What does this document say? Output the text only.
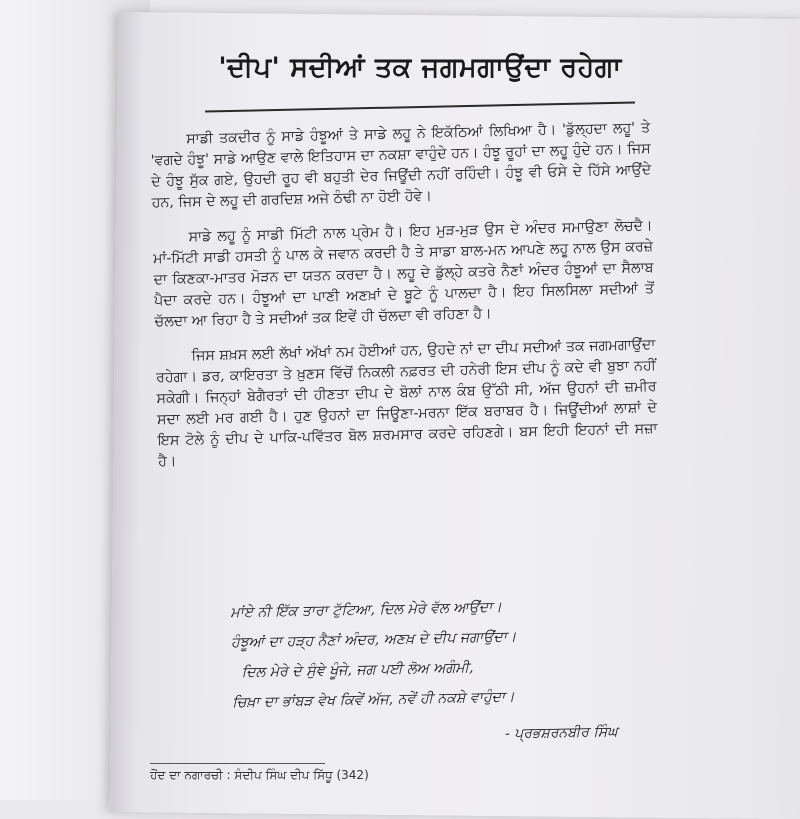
'ਦੀਪ' ਸਦੀਆਂ ਤਕ ਜਗਮਗਾਉਂਦਾ ਰਹੇਗਾ

ਸਾਡੀ ਤਕਦੀਰ ਨੂੰ ਸਾਡੇ ਹੰਝੂਆਂ ਤੇ ਸਾਡੇ ਲਹੂ ਨੇ ਇਕੱਠਿਆਂ ਲਿਖਿਆ ਹੈ। 'ਡੁੱਲ੍ਹਦਾ ਲਹੂ' ਤੇ 'ਵਗਦੇ ਹੰਝੂ' ਸਾਡੇ ਆਉਣ ਵਾਲੇ ਇਤਿਹਾਸ ਦਾ ਨਕਸ਼ਾ ਵਾਹੁੰਦੇ ਹਨ। ਹੰਝੂ ਰੂਹਾਂ ਦਾ ਲਹੂ ਹੁੰਦੇ ਹਨ। ਜਿਸ ਦੇ ਹੰਝੂ ਸੁੱਕ ਗਏ, ਉਹਦੀ ਰੂਹ ਵੀ ਬਹੁਤੀ ਦੇਰ ਜਿਊਂਦੀ ਨਹੀਂ ਰਹਿੰਦੀ। ਹੰਝੂ ਵੀ ਓਸੇ ਦੇ ਹਿੱਸੇ ਆਉਂਦੇ ਹਨ, ਜਿਸ ਦੇ ਲਹੂ ਦੀ ਗਰਦਿਸ਼ ਅਜੇ ਠੰਢੀ ਨਾ ਹੋਈ ਹੋਵੇ।

ਸਾਡੇ ਲਹੂ ਨੂੰ ਸਾਡੀ ਮਿੱਟੀ ਨਾਲ ਪ੍ਰੇਮ ਹੈ। ਇਹ ਮੁੜ-ਮੁੜ ਉਸ ਦੇ ਅੰਦਰ ਸਮਾਉਣਾ ਲੋਚਦੈ। ਮਾਂ-ਮਿੱਟੀ ਸਾਡੀ ਹਸਤੀ ਨੂੰ ਪਾਲ ਕੇ ਜਵਾਨ ਕਰਦੀ ਹੈ ਤੇ ਸਾਡਾ ਬਾਲ-ਮਨ ਆਪਣੇ ਲਹੂ ਨਾਲ ਉਸ ਕਰਜ਼ੇ ਦਾ ਕਿਣਕਾ-ਮਾਤਰ ਮੋੜਨ ਦਾ ਯਤਨ ਕਰਦਾ ਹੈ। ਲਹੂ ਦੇ ਡੁੱਲ੍ਹੇ ਕਤਰੇ ਨੈਣਾਂ ਅੰਦਰ ਹੰਝੂਆਂ ਦਾ ਸੈਲਾਬ ਪੈਦਾ ਕਰਦੇ ਹਨ। ਹੰਝੂਆਂ ਦਾ ਪਾਣੀ ਅਣਖ਼ਾਂ ਦੇ ਬੂਟੇ ਨੂੰ ਪਾਲਦਾ ਹੈ। ਇਹ ਸਿਲਸਿਲਾ ਸਦੀਆਂ ਤੋਂ ਚੱਲਦਾ ਆ ਰਿਹਾ ਹੈ ਤੇ ਸਦੀਆਂ ਤਕ ਇਵੇਂ ਹੀ ਚੱਲਦਾ ਵੀ ਰਹਿਣਾ ਹੈ।

ਜਿਸ ਸ਼ਖ਼ਸ ਲਈ ਲੱਖਾਂ ਅੱਖਾਂ ਨਮ ਹੋਈਆਂ ਹਨ, ਉਹਦੇ ਨਾਂ ਦਾ ਦੀਪ ਸਦੀਆਂ ਤਕ ਜਗਮਗਾਉਂਦਾ ਰਹੇਗਾ। ਡਰ, ਕਾਇਰਤਾ ਤੇ ਖ਼ੁਣਸ ਵਿੱਚੋਂ ਨਿਕਲੀ ਨਫ਼ਰਤ ਦੀ ਹਨੇਰੀ ਇਸ ਦੀਪ ਨੂੰ ਕਦੇ ਵੀ ਬੁਝਾ ਨਹੀਂ ਸਕੇਗੀ। ਜਿਨ੍ਹਾਂ ਬੇਗੈਰਤਾਂ ਦੀ ਹੀਣਤਾ ਦੀਪ ਦੇ ਬੋਲਾਂ ਨਾਲ ਕੰਬ ਉੱਠੀ ਸੀ, ਅੱਜ ਉਹਨਾਂ ਦੀ ਜ਼ਮੀਰ ਸਦਾ ਲਈ ਮਰ ਗਈ ਹੈ। ਹੁਣ ਉਹਨਾਂ ਦਾ ਜਿਊਣਾ-ਮਰਨਾ ਇੱਕ ਬਰਾਬਰ ਹੈ। ਜਿਊਂਦੀਆਂ ਲਾਸ਼ਾਂ ਦੇ ਇਸ ਟੋਲੇ ਨੂੰ ਦੀਪ ਦੇ ਪਾਕਿ-ਪਵਿੱਤਰ ਬੋਲ ਸ਼ਰਮਸਾਰ ਕਰਦੇ ਰਹਿਣਗੇ। ਬਸ ਇਹੀ ਇਹਨਾਂ ਦੀ ਸਜ਼ਾ ਹੈ।

ਮਾਂਏ ਨੀ ਇੱਕ ਤਾਰਾ ਟੁੱਟਿਆ, ਦਿਲ ਮੇਰੇ ਵੱਲ ਆਉਂਦਾ।
ਹੰਝੂਆਂ ਦਾ ਹੜ੍ਹ ਨੈਣਾਂ ਅੰਦਰ, ਅਣਖ਼ ਦੇ ਦੀਪ ਜਗਾਉਂਦਾ।
ਦਿਲ ਮੇਰੇ ਦੇ ਸੁੰਞੇ ਖੂੰਜੇ, ਜਗ ਪਈ ਲੋਅ ਅਗੰਮੀ,
ਚਿਖ਼ਾ ਦਾ ਭਾਂਬੜ ਵੇਖ ਕਿਵੇਂ ਅੱਜ, ਨਵੇਂ ਹੀ ਨਕਸ਼ੇ ਵਾਹੁੰਦਾ।
- ਪ੍ਰਭਸ਼ਰਨਬੀਰ ਸਿੰਘ
ਹੋਂਦ ਦਾ ਨਗਾਰਚੀ : ਸੰਦੀਪ ਸਿੰਘ ਦੀਪ ਸਿੱਧੂ (342)
